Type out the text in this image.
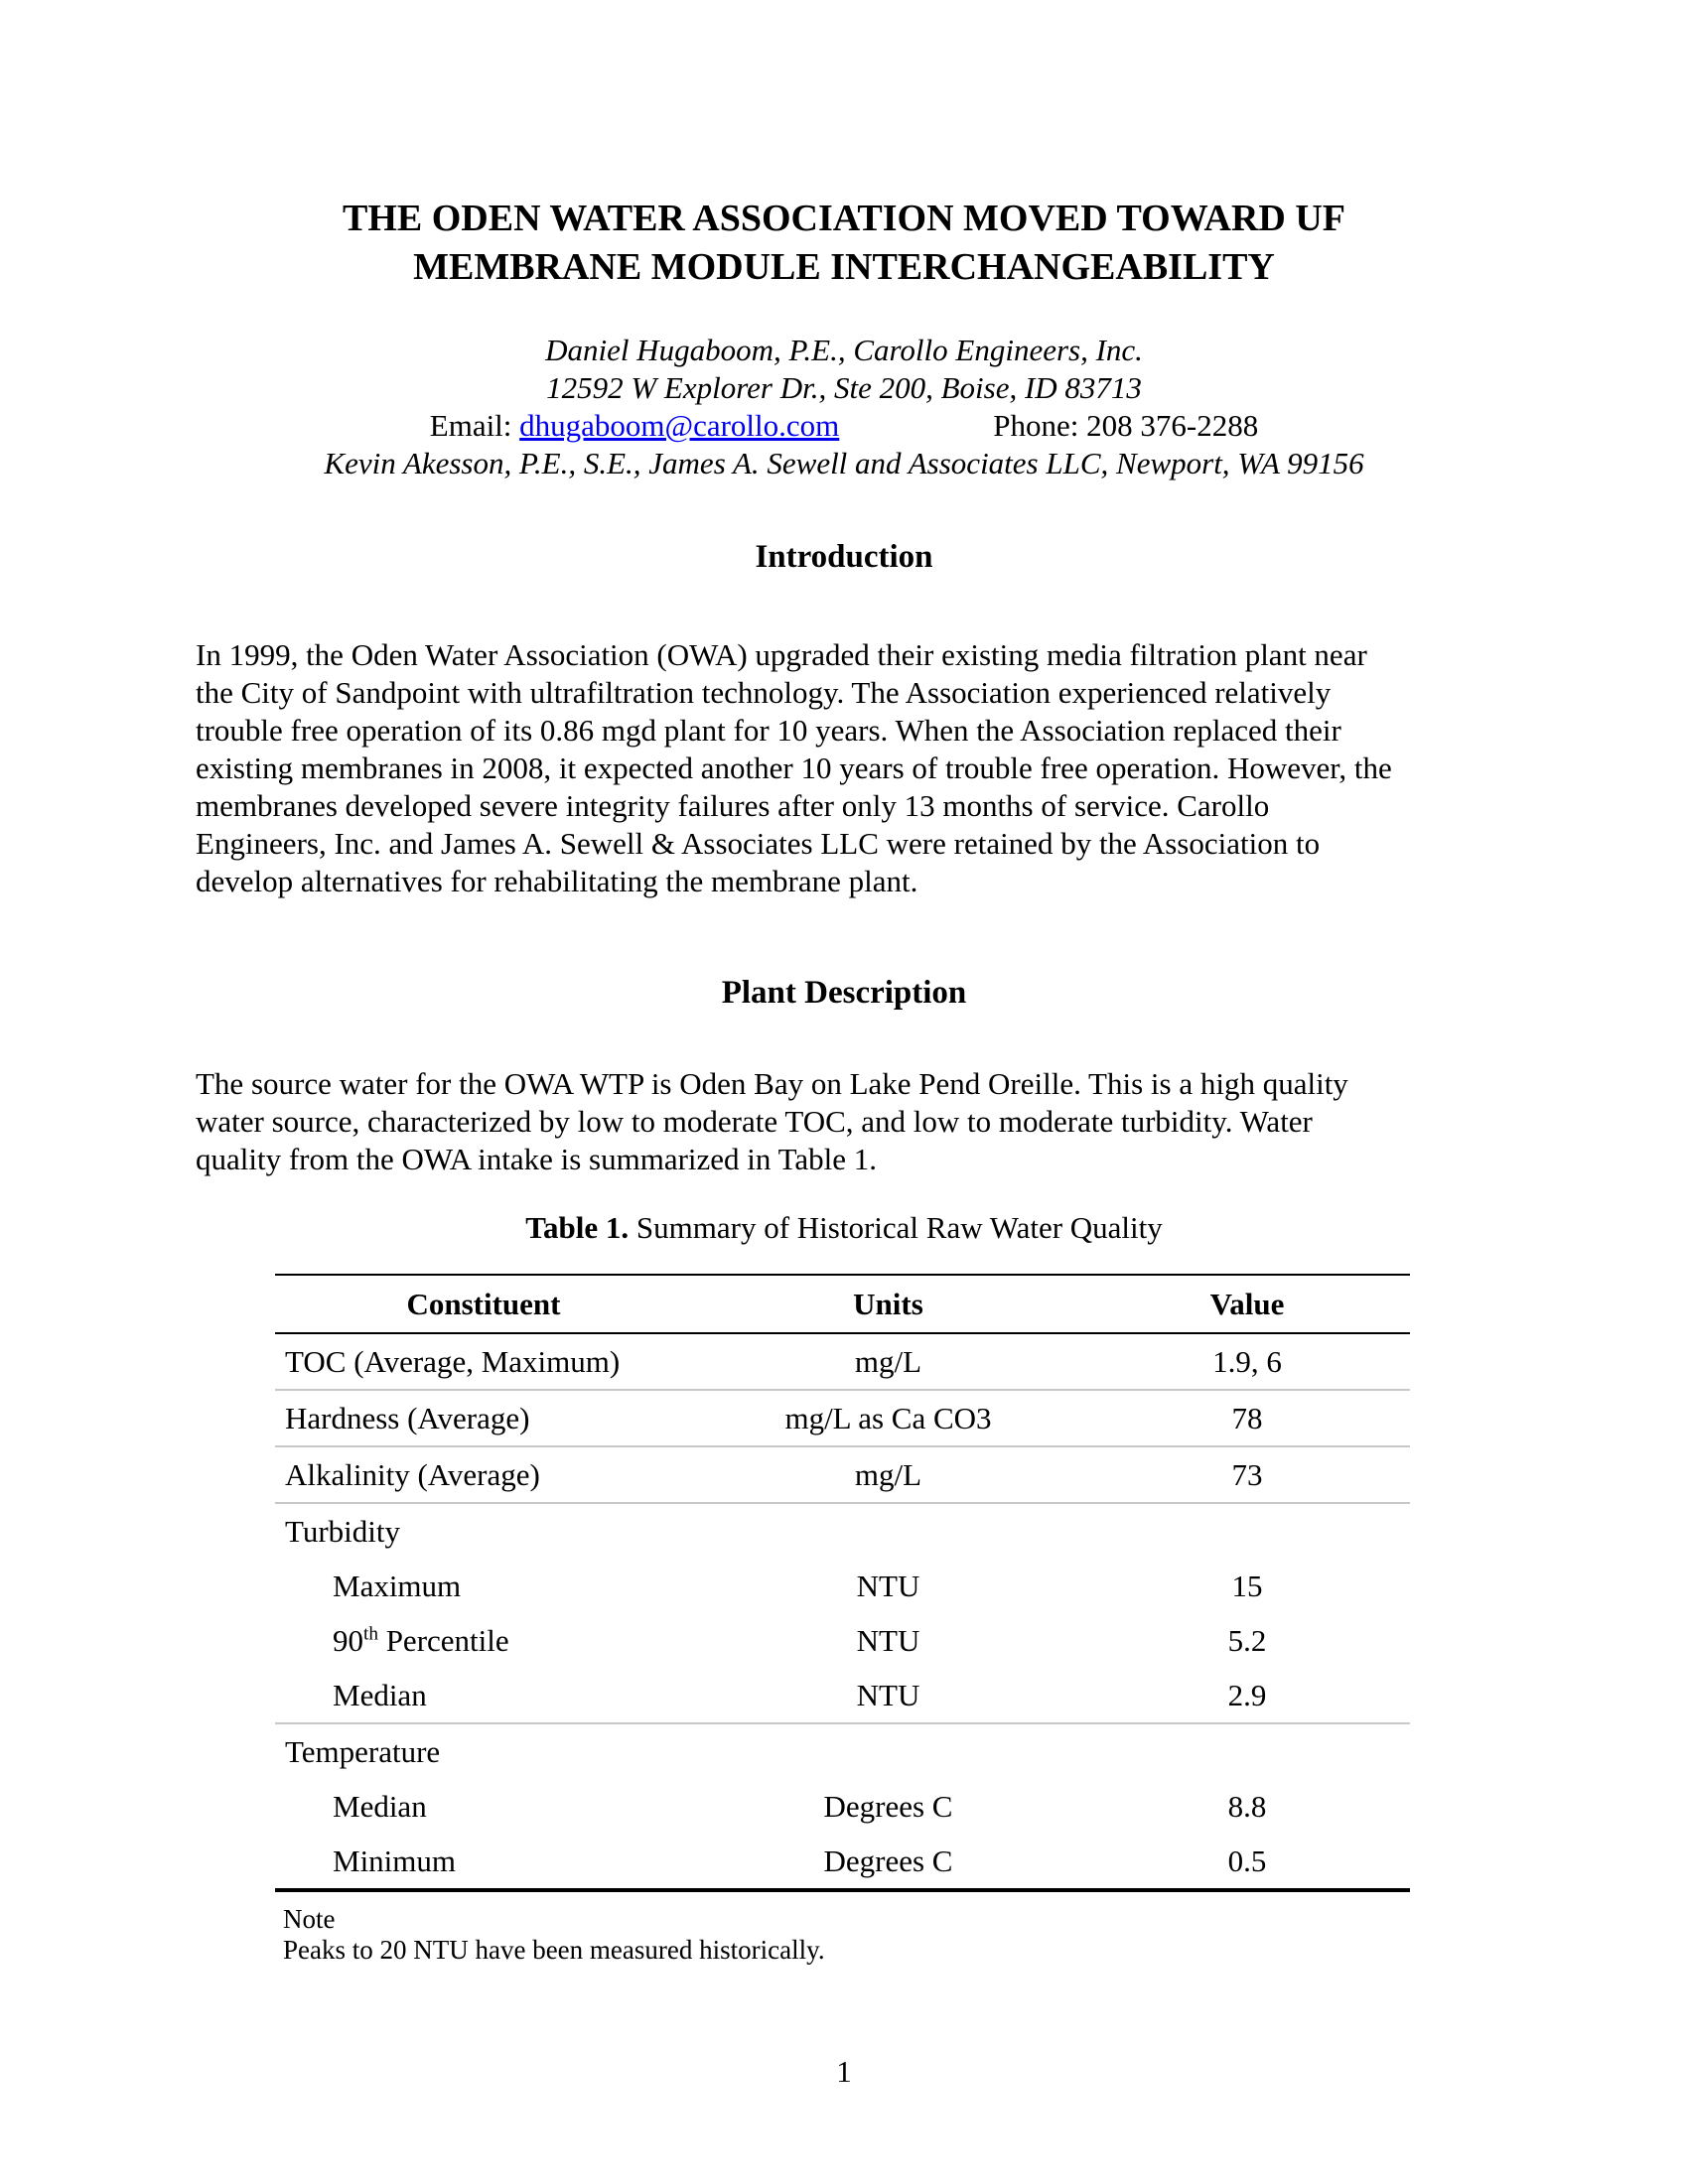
THE ODEN WATER ASSOCIATION MOVED TOWARD UF
MEMBRANE MODULE INTERCHANGEABILITY
Daniel Hugaboom, P.E., Carollo Engineers, Inc.
12592 W Explorer Dr., Ste 200, Boise, ID 83713
Email: dhugaboom@carollo.com	Phone: 208 376-2288
Kevin Akesson, P.E., S.E., James A. Sewell and Associates LLC, Newport, WA 99156
Introduction
In 1999, the Oden Water Association (OWA) upgraded their existing media filtration plant near
the City of Sandpoint with ultrafiltration technology. The Association experienced relatively
trouble free operation of its 0.86 mgd plant for 10 years. When the Association replaced their
existing membranes in 2008, it expected another 10 years of trouble free operation. However, the
membranes developed severe integrity failures after only 13 months of service. Carollo
Engineers, Inc. and James A. Sewell & Associates LLC were retained by the Association to
develop alternatives for rehabilitating the membrane plant.
Plant Description
The source water for the OWA WTP is Oden Bay on Lake Pend Oreille. This is a high quality
water source, characterized by low to moderate TOC, and low to moderate turbidity. Water
quality from the OWA intake is summarized in Table 1.
Table 1. Summary of Historical Raw Water Quality
Constituent	Units	Value
TOC (Average, Maximum)	mg/L	1.9, 6
Hardness (Average)	mg/L as Ca CO3	78
Alkalinity (Average)	mg/L	73
Turbidity		
Maximum	NTU	15
90th Percentile	NTU	5.2
Median	NTU	2.9
Temperature		
Median	Degrees C	8.8
Minimum	Degrees C	0.5
Note
Peaks to 20 NTU have been measured historically.
1
